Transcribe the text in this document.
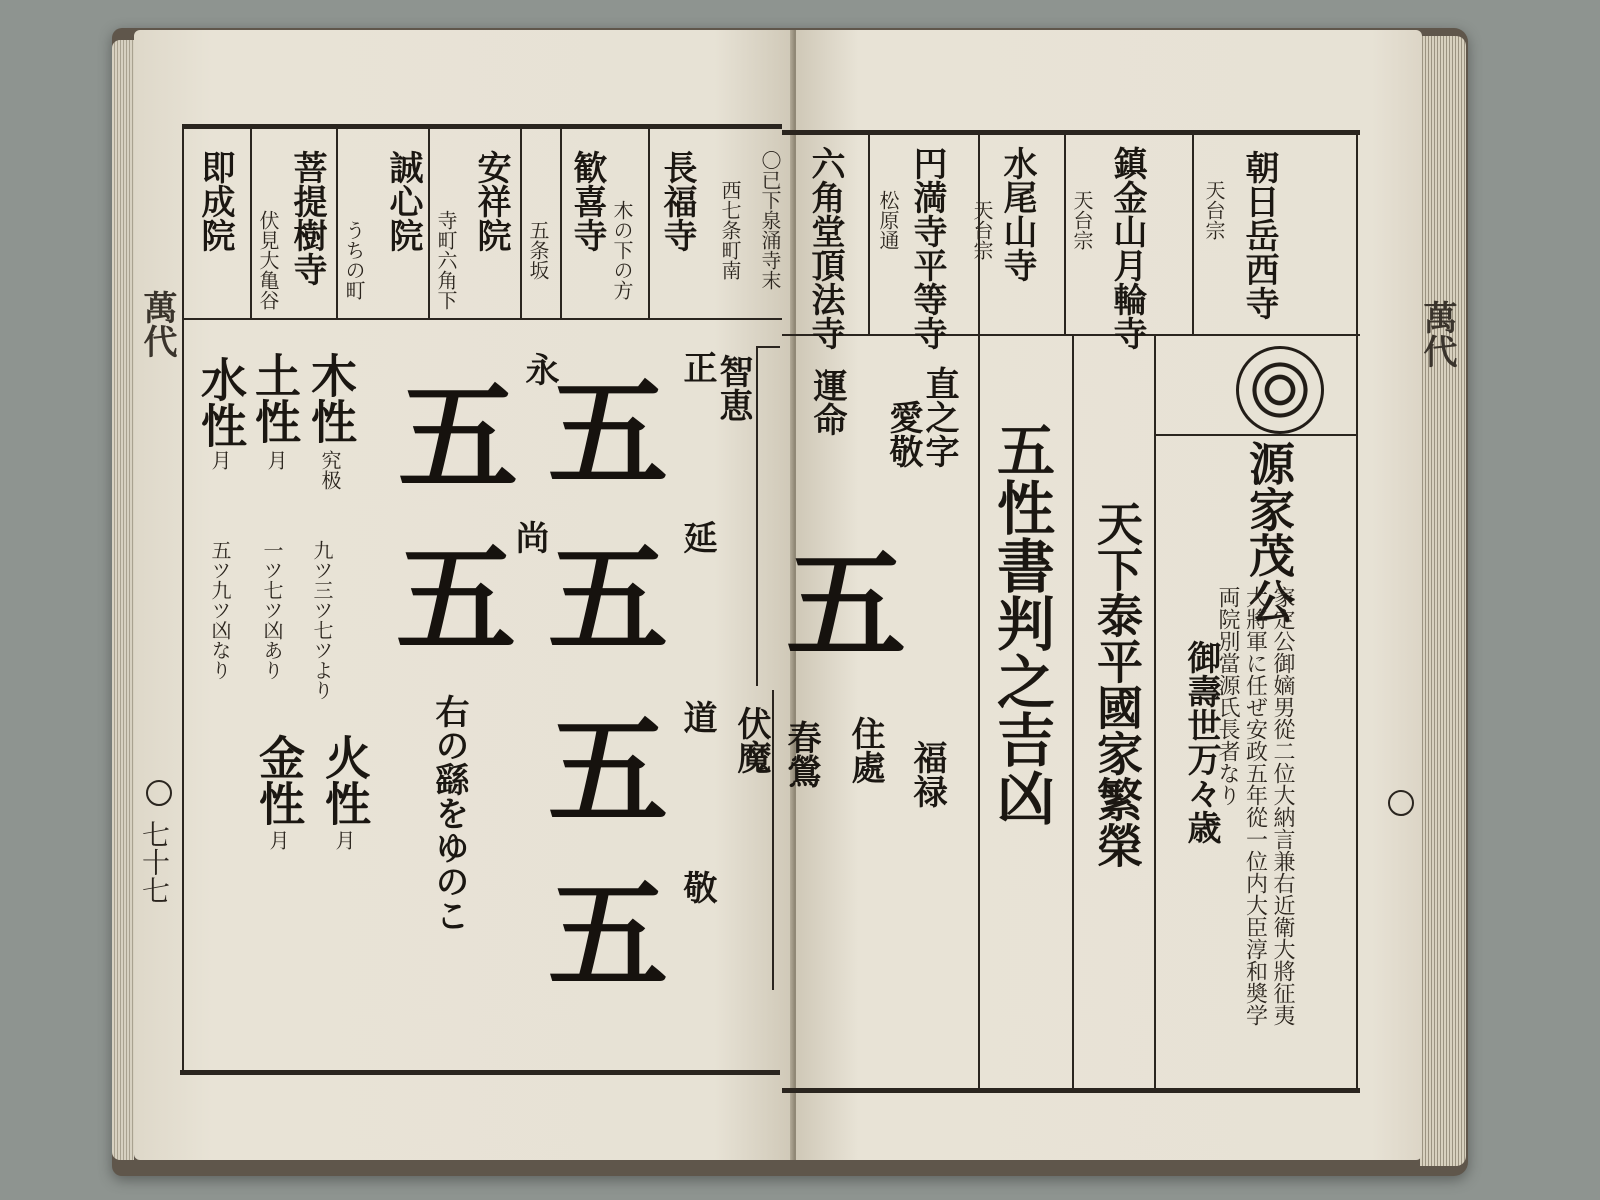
〇已下泉涌寺末
西七条町南
長福寺
木の下の方
歓喜寺
五条坂
安祥院
寺町六角下
誠心院
うちの町
菩提樹寺
伏見大亀谷
即成院	朝日岳西寺
天台宗
鎮金山月輪寺
天台宗
水尾山寺
天台宗
円満寺平等寺
松原通
六角堂頂法寺
木性
究极
土性
月
水性
月
九ツ三ツ七ツより
一ツ七ツ凶あり
五ツ九ツ凶なり
火性
月
金性
月
正
永
尚	延
道
敬
五
五
五
五
五
五
右の繇をゆのこ
智恵
伏魔
萬代
七十七
源家茂公
家定公御嫡男從二位大納言兼右近衛大將征夷大將軍に任ぜ安政五年從一位内大臣淳和奬学両院別當源氏長者なり
御壽世万々歳
天下泰平國家繁榮
五性書判之吉凶
直之字
愛敬
運命
五
福禄
住處
春鶯
萬代
